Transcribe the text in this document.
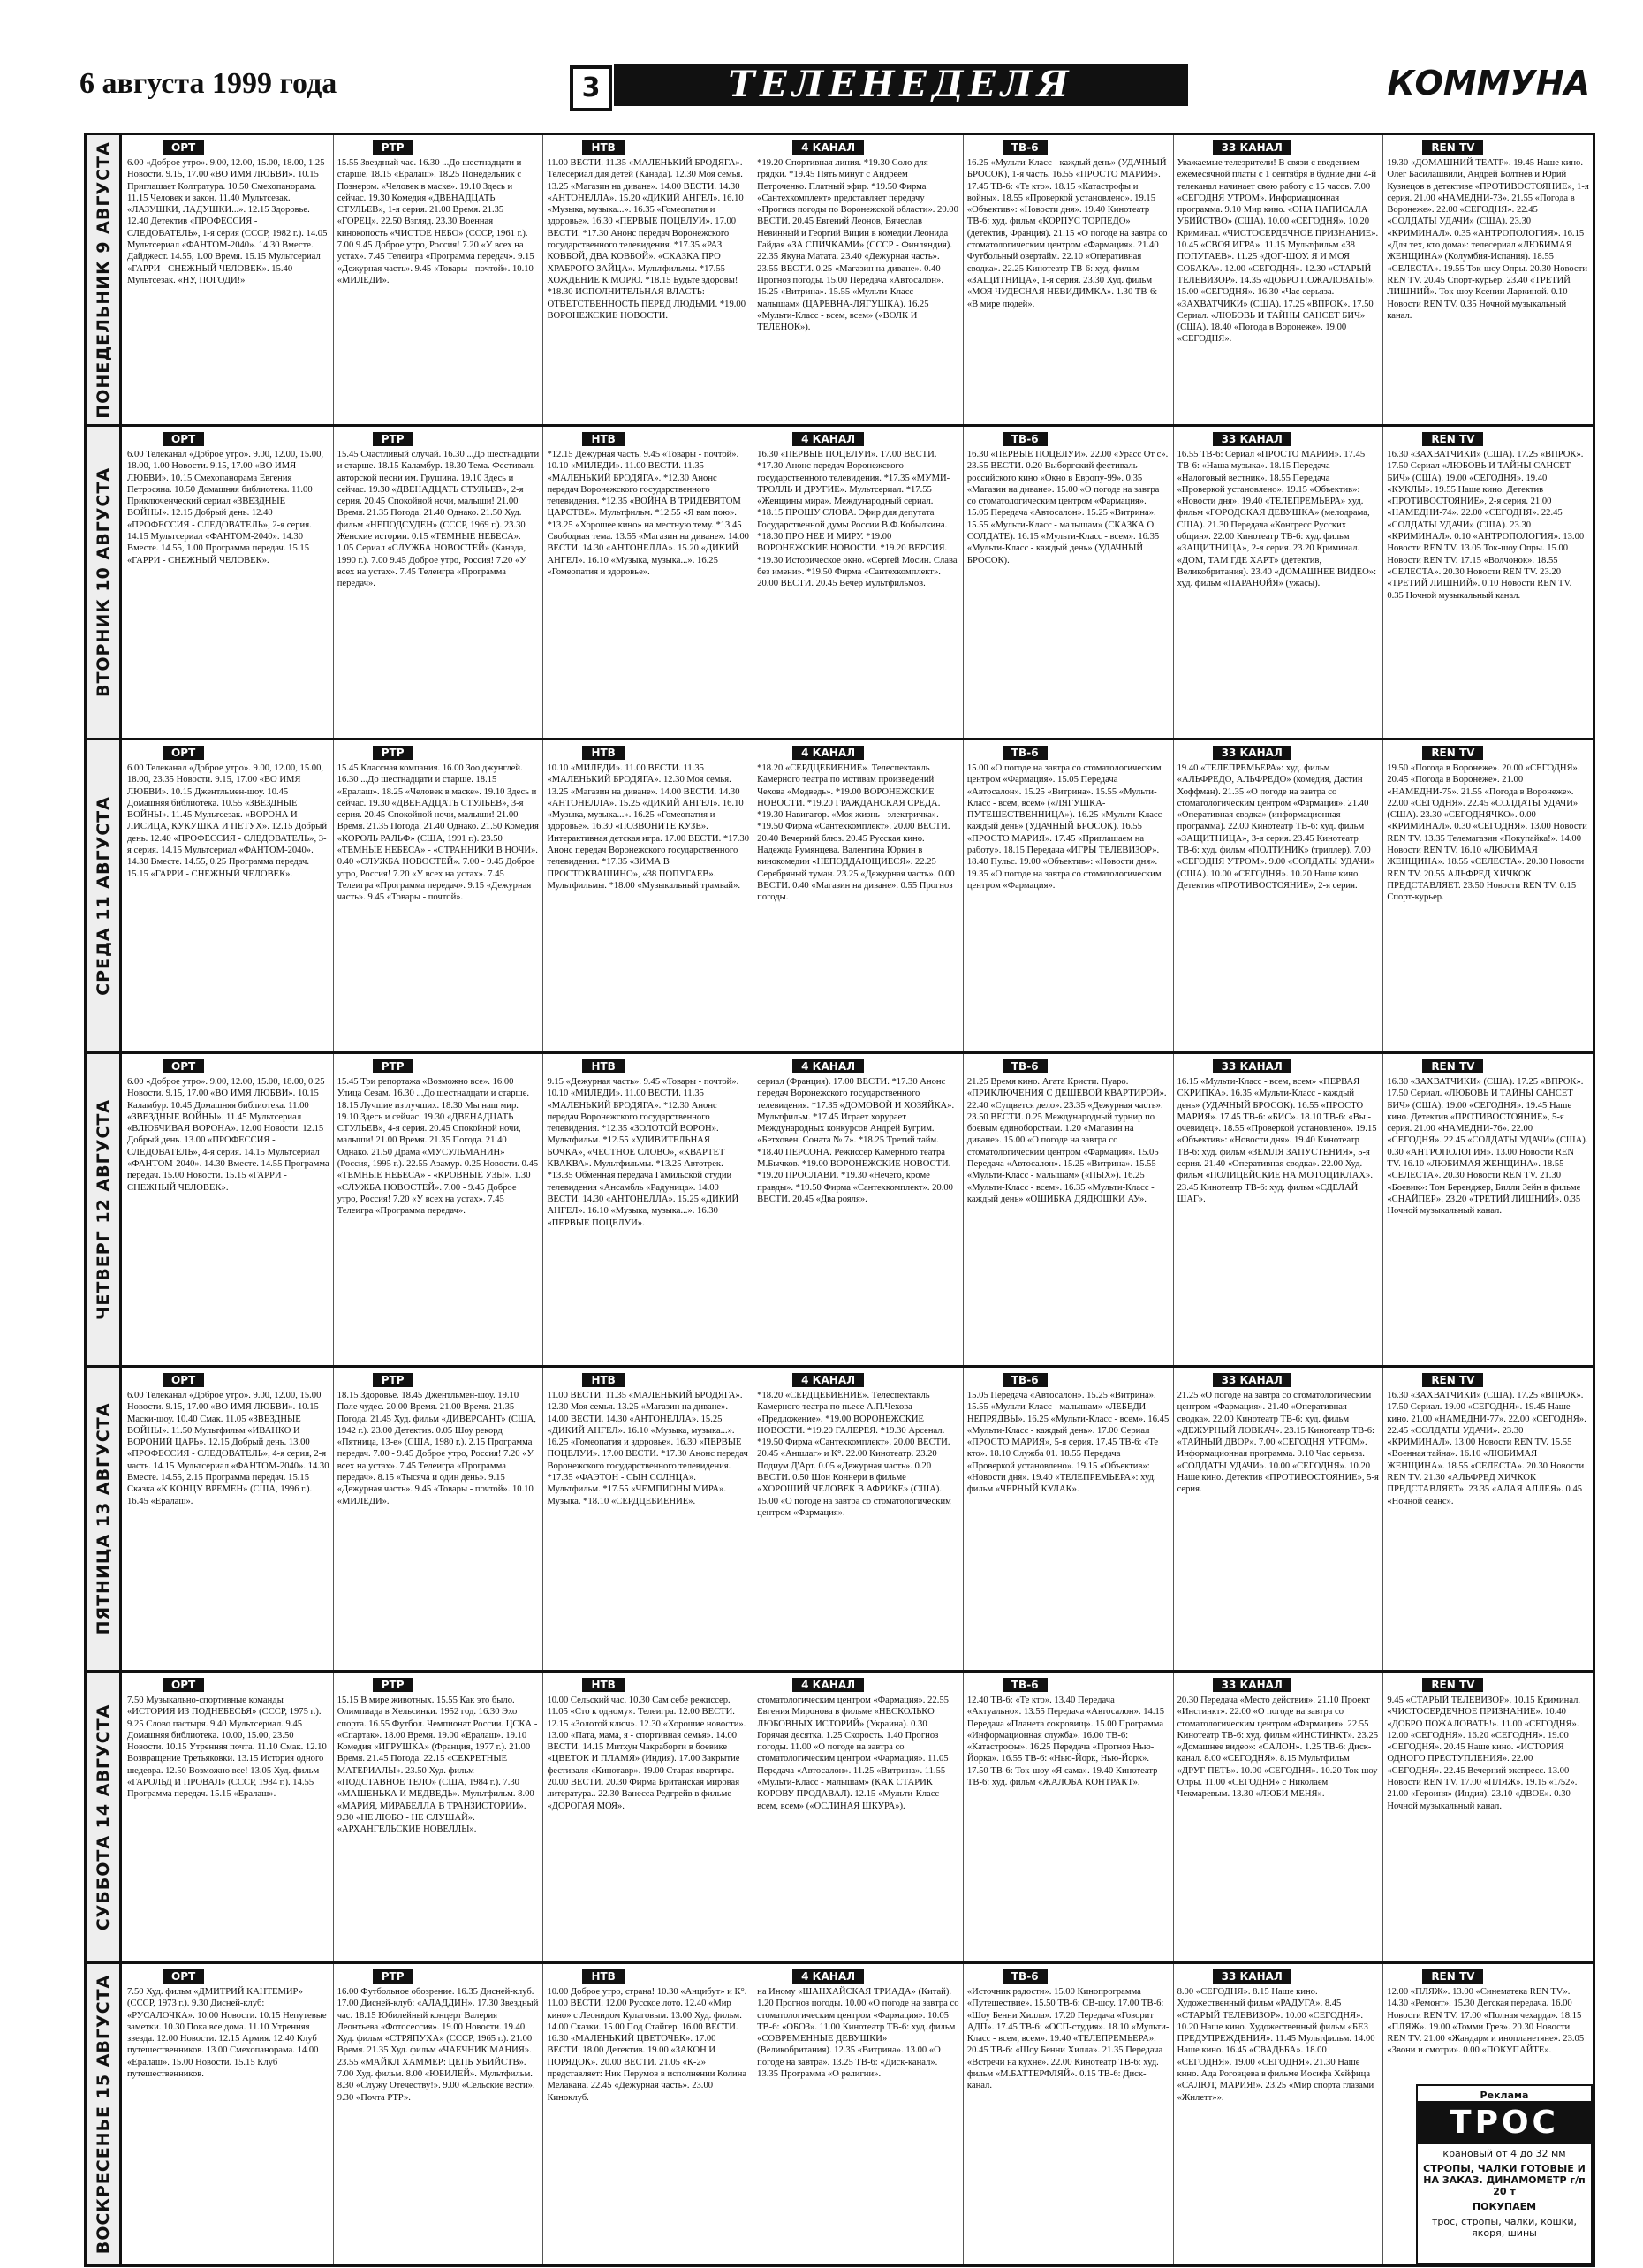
6 августа 1999 года	3	ТЕЛЕНЕДЕЛЯ	КОММУНА
ПОНЕДЕЛЬНИК 9 АВГУСТА	ОРТ
6.00 «Доброе утро». 9.00, 12.00, 15.00, 18.00, 1.25 Новости. 9.15, 17.00 «ВО ИМЯ ЛЮБВИ». 10.15 Приглашает Колтратура. 10.50 Смехопанорама. 11.15 Человек и закон. 11.40 Мультсезак. «ЛАЗУШКИ, ЛАДУШКИ...». 12.15 Здоровье. 12.40 Детектив «ПРОФЕССИЯ - СЛЕДОВАТЕЛЬ», 1-я серия (СССР, 1982 г.). 14.05 Мультсериал «ФАНТОМ-2040». 14.30 Вместе. Дайджест. 14.55, 1.00 Время. 15.15 Мультсериал «ГАРРИ - СНЕЖНЫЙ ЧЕЛОВЕК». 15.40 Мультсезак. «НУ, ПОГОДИ!»
РТР
15.55 Звездный час. 16.30 ...До шестнадцати и старше. 18.15 «Ералаш». 18.25 Понедельник с Познером. «Человек в маске». 19.10 Здесь и сейчас. 19.30 Комедия «ДВЕНАДЦАТЬ СТУЛЬЕВ», 1-я серия. 21.00 Время. 21.35 «ГОРЕЦ». 22.50 Взгляд. 23.30 Военная кинокопость «ЧИСТОЕ НЕБО» (СССР, 1961 г.). 7.00 9.45 Доброе утро, Россия! 7.20 «У всех на устах». 7.45 Телеигра «Программа передач». 9.15 «Дежурная часть». 9.45 «Товары - почтой». 10.10 «МИЛЕДИ».
НТВ
11.00 ВЕСТИ. 11.35 «МАЛЕНЬКИЙ БРОДЯГА». Телесериал для детей (Канада). 12.30 Моя семья. 13.25 «Магазин на диване». 14.00 ВЕСТИ. 14.30 «АНТОНЕЛЛА». 15.20 «ДИКИЙ АНГЕЛ». 16.10 «Музыка, музыка...». 16.35 «Гомеопатия и здоровье». 16.30 «ПЕРВЫЕ ПОЦЕЛУИ». 17.00 ВЕСТИ. *17.30 Анонс передач Воронежского государственного телевидения. *17.35 «РАЗ КОВБОЙ, ДВА КОВБОЙ». «СКАЗКА ПРО ХРАБРОГО ЗАЙЦА». Мультфильмы. *17.55 ХОЖДЕНИЕ К МОРЮ. *18.15 Будьте здоровы! *18.30 ИСПОЛНИТЕЛЬНАЯ ВЛАСТЬ: ОТВЕТСТВЕННОСТЬ ПЕРЕД ЛЮДЬМИ. *19.00 ВОРОНЕЖСКИЕ НОВОСТИ.
4 КАНАЛ
*19.20 Спортивная линия. *19.30 Соло для грядки. *19.45 Пять минут с Андреем Петроченко. Платный эфир. *19.50 Фирма «Сантехкомплект» представляет передачу «Прогноз погоды по Воронежской области». 20.00 ВЕСТИ. 20.45 Евгений Леонов, Вячеслав Невинный и Георгий Вицин в комедии Леонида Гайдая «ЗА СПИЧКАМИ» (СССР - Финляндия). 22.35 Якуна Матата. 23.40 «Дежурная часть». 23.55 ВЕСТИ. 0.25 «Магазин на диване». 0.40 Прогноз погоды. 15.00 Передача «Автосалон». 15.25 «Витрина». 15.55 «Мульти-Класс - малышам» (ЦАРЕВНА-ЛЯГУШКА). 16.25 «Мульти-Класс - всем, всем» («ВОЛК И ТЕЛЕНОК»).
ТВ-6
16.25 «Мульти-Класс - каждый день» (УДАЧНЫЙ БРОСОК), 1-я часть. 16.55 «ПРОСТО МАРИЯ». 17.45 ТВ-6: «Те кто». 18.15 «Катастрофы и войны». 18.55 «Проверкой установлено». 19.15 «Объектив»: «Новости дня». 19.40 Кинотеатр ТВ-6: худ. фильм «КОРПУС ТОРПЕДО» (детектив, Франция). 21.15 «О погоде на завтра со стоматологическим центром «Фармация». 21.40 Футбольный овертайм. 22.10 «Оперативная сводка». 22.25 Кинотеатр ТВ-6: худ. фильм «ЗАЩИТНИЦА», 1-я серия. 23.30 Худ. фильм «МОЯ ЧУДЕСНАЯ НЕВИДИМКА». 1.30 ТВ-6: «В мире людей».
33 КАНАЛ
Уважаемые телезрители! В связи с введением ежемесячной платы с 1 сентября в будние дни 4-й телеканал начинает свою работу с 15 часов. 7.00 «СЕГОДНЯ УТРОМ». Информационная программа. 9.10 Мир кино. «ОНА НАПИСАЛА УБИЙСТВО» (США). 10.00 «СЕГОДНЯ». 10.20 Криминал. «ЧИСТОСЕРДЕЧНОЕ ПРИЗНАНИЕ». 10.45 «СВОЯ ИГРА». 11.15 Мультфильм «38 ПОПУГАЕВ». 11.25 «ДОГ-ШОУ. Я И МОЯ СОБАКА». 12.00 «СЕГОДНЯ». 12.30 «СТАРЫЙ ТЕЛЕВИЗОР». 14.35 «ДОБРО ПОЖАЛОВАТЬ!». 15.00 «СЕГОДНЯ». 16.30 «Час серьяза. «ЗАХВАТЧИКИ» (США). 17.25 «ВПРОК». 17.50 Сериал. «ЛЮБОВЬ И ТАЙНЫ САНСЕТ БИЧ» (США). 18.40 «Погода в Воронеже». 19.00 «СЕГОДНЯ».
REN TV
19.30 «ДОМАШНИЙ ТЕАТР». 19.45 Наше кино. Олег Басилашвили, Андрей Болтнев и Юрий Кузнецов в детективе «ПРОТИВОСТОЯНИЕ», 1-я серия. 21.00 «НАМЕДНИ-73». 21.55 «Погода в Воронеже». 22.00 «СЕГОДНЯ». 22.45 «СОЛДАТЫ УДАЧИ» (США). 23.30 «КРИМИНАЛ». 0.35 «АНТРОПОЛОГИЯ». 16.15 «Для тех, кто дома»: телесериал «ЛЮБИМАЯ ЖЕНЩИНА» (Колумбия-Испания). 18.55 «СЕЛЕСТА». 19.55 Ток-шоу Опры. 20.30 Новости REN TV. 20.45 Спорт-курьер. 23.40 «ТРЕТИЙ ЛИШНИЙ». Ток-шоу Ксении Ларкиной. 0.10 Новости REN TV. 0.35 Ночной музыкальный канал.
ВТОРНИК 10 АВГУСТА
ОРТ
6.00 Телеканал «Доброе утро». 9.00, 12.00, 15.00, 18.00, 1.00 Новости. 9.15, 17.00 «ВО ИМЯ ЛЮБВИ». 10.15 Смехопанорама Евгения Петросяна. 10.50 Домашняя библиотека. 11.00 Приключенческий сериал «ЗВЕЗДНЫЕ ВОЙНЫ». 12.15 Добрый день. 12.40 «ПРОФЕССИЯ - СЛЕДОВАТЕЛЬ», 2-я серия. 14.15 Мультсериал «ФАНТОМ-2040». 14.30 Вместе. 14.55, 1.00 Программа передач. 15.15 «ГАРРИ - СНЕЖНЫЙ ЧЕЛОВЕК».
РТР
15.45 Счастливый случай. 16.30 ...До шестнадцати и старше. 18.15 Каламбур. 18.30 Тема. Фестиваль авторской песни им. Грушина. 19.10 Здесь и сейчас. 19.30 «ДВЕНАДЦАТЬ СТУЛЬЕВ», 2-я серия. 20.45 Спокойной ночи, малыши! 21.00 Время. 21.35 Погода. 21.40 Однако. 21.50 Худ. фильм «НЕПОДСУДЕН» (СССР, 1969 г.). 23.30 Женские истории. 0.15 «ТЕМНЫЕ НЕБЕСА». 1.05 Сериал «СЛУЖБА НОВОСТЕЙ» (Канада, 1990 г.). 7.00 9.45 Доброе утро, Россия! 7.20 «У всех на устах». 7.45 Телеигра «Программа передач».
НТВ
*12.15 Дежурная часть. 9.45 «Товары - почтой». 10.10 «МИЛЕДИ». 11.00 ВЕСТИ. 11.35 «МАЛЕНЬКИЙ БРОДЯГА». *12.30 Анонс передач Воронежского государственного телевидения. *12.35 «ВОЙНА В ТРИДЕВЯТОМ ЦАРСТВЕ». Мультфильм. *12.55 «Я вам пою». *13.25 «Хорошее кино» на местную тему. *13.45 Свободная тема. 13.55 «Магазин на диване». 14.00 ВЕСТИ. 14.30 «АНТОНЕЛЛА». 15.20 «ДИКИЙ АНГЕЛ». 16.10 «Музыка, музыка...». 16.25 «Гомеопатия и здоровье».
4 КАНАЛ
16.30 «ПЕРВЫЕ ПОЦЕЛУИ». 17.00 ВЕСТИ. *17.30 Анонс передач Воронежского государственного телевидения. *17.35 «МУМИ-ТРОЛЛЬ И ДРУГИЕ». Мультсериал. *17.55 «Женщины мира». Международный сериал. *18.15 ПРОШУ СЛОВА. Эфир для депутата Государственной думы России В.Ф.Кобылкина. *18.30 ПРО НЕЕ И МИРУ. *19.00 ВОРОНЕЖСКИЕ НОВОСТИ. *19.20 ВЕРСИЯ. *19.30 Историческое окно. «Сергей Мосин. Слава без имени». *19.50 Фирма «Сантехкомплект». 20.00 ВЕСТИ. 20.45 Вечер мультфильмов.
ТВ-6
16.30 «ПЕРВЫЕ ПОЦЕЛУИ». 22.00 «Урасс От с». 23.55 ВЕСТИ. 0.20 Выборгский фестиваль российского кино «Окно в Европу-99». 0.35 «Магазин на диване». 15.00 «О погоде на завтра со стоматологическим центром «Фармация». 15.05 Передача «Автосалон». 15.25 «Витрина». 15.55 «Мульти-Класс - малышам» (СКАЗКА О СОЛДАТЕ). 16.15 «Мульти-Класс - всем». 16.35 «Мульти-Класс - каждый день» (УДАЧНЫЙ БРОСОК).
33 КАНАЛ
16.55 ТВ-6: Сериал «ПРОСТО МАРИЯ». 17.45 ТВ-6: «Наша музыка». 18.15 Передача «Налоговый вестник». 18.55 Передача «Проверкой установлено». 19.15 «Объектив»: «Новости дня». 19.40 «ТЕЛЕПРЕМЬЕРА» худ. фильм «ГОРОДСКАЯ ДЕВУШКА» (мелодрама, США). 21.30 Передача «Конгресс Русских общин». 22.00 Кинотеатр ТВ-6: худ. фильм «ЗАЩИТНИЦА», 2-я серия. 23.20 Криминал. «ДОМ, ТАМ ГДЕ ХАРТ» (детектив, Великобритания). 23.40 «ДОМАШНЕЕ ВИДЕО»: худ. фильм «ПАРАНОЙЯ» (ужасы).
REN TV
16.30 «ЗАХВАТЧИКИ» (США). 17.25 «ВПРОК». 17.50 Сериал «ЛЮБОВЬ И ТАЙНЫ САНСЕТ БИЧ» (США). 19.00 «СЕГОДНЯ». 19.40 «КУКЛЫ». 19.55 Наше кино. Детектив «ПРОТИВОСТОЯНИЕ», 2-я серия. 21.00 «НАМЕДНИ-74». 22.00 «СЕГОДНЯ». 22.45 «СОЛДАТЫ УДАЧИ» (США). 23.30 «КРИМИНАЛ». 0.10 «АНТРОПОЛОГИЯ». 13.00 Новости REN TV. 13.05 Ток-шоу Опры. 15.00 Новости REN TV. 17.15 «Волчонок». 18.55 «СЕЛЕСТА». 20.30 Новости REN TV. 23.20 «ТРЕТИЙ ЛИШНИЙ». 0.10 Новости REN TV. 0.35 Ночной музыкальный канал.
СРЕДА 11 АВГУСТА
ОРТ
6.00 Телеканал «Доброе утро». 9.00, 12.00, 15.00, 18.00, 23.35 Новости. 9.15, 17.00 «ВО ИМЯ ЛЮБВИ». 10.15 Джентльмен-шоу. 10.45 Домашняя библиотека. 10.55 «ЗВЕЗДНЫЕ ВОЙНЫ». 11.45 Мультсезак. «ВОРОНА И ЛИСИЦА, КУКУШКА И ПЕТУХ». 12.15 Добрый день. 12.40 «ПРОФЕССИЯ - СЛЕДОВАТЕЛЬ», 3-я серия. 14.15 Мультсериал «ФАНТОМ-2040». 14.30 Вместе. 14.55, 0.25 Программа передач. 15.15 «ГАРРИ - СНЕЖНЫЙ ЧЕЛОВЕК».
РТР
15.45 Классная компания. 16.00 Зоо джунглей. 16.30 ...До шестнадцати и старше. 18.15 «Ералаш». 18.25 «Человек в маске». 19.10 Здесь и сейчас. 19.30 «ДВЕНАДЦАТЬ СТУЛЬЕВ», 3-я серия. 20.45 Спокойной ночи, малыши! 21.00 Время. 21.35 Погода. 21.40 Однако. 21.50 Комедия «КОРОЛЬ РАЛЬФ» (США, 1991 г.). 23.50 «ТЕМНЫЕ НЕБЕСА» - «СТРАННИКИ В НОЧИ». 0.40 «СЛУЖБА НОВОСТЕЙ». 7.00 - 9.45 Доброе утро, Россия! 7.20 «У всех на устах». 7.45 Телеигра «Программа передач». 9.15 «Дежурная часть». 9.45 «Товары - почтой».
НТВ
10.10 «МИЛЕДИ». 11.00 ВЕСТИ. 11.35 «МАЛЕНЬКИЙ БРОДЯГА». 12.30 Моя семья. 13.25 «Магазин на диване». 14.00 ВЕСТИ. 14.30 «АНТОНЕЛЛА». 15.25 «ДИКИЙ АНГЕЛ». 16.10 «Музыка, музыка...». 16.25 «Гомеопатия и здоровье». 16.30 «ПОЗВОНИТЕ КУЗЕ». Интерактивная детская игра. 17.00 ВЕСТИ. *17.30 Анонс передач Воронежского государственного телевидения. *17.35 «ЗИМА В ПРОСТОКВАШИНО», «38 ПОПУГАЕВ». Мультфильмы. *18.00 «Музыкальный трамвай».
4 КАНАЛ
*18.20 «СЕРДЦЕБИЕНИЕ». Телеспектакль Камерного театра по мотивам произведений Чехова «Медведь». *19.00 ВОРОНЕЖСКИЕ НОВОСТИ. *19.20 ГРАЖДАНСКАЯ СРЕДА. *19.30 Навигатор. «Моя жизнь - электричка». *19.50 Фирма «Сантехкомплект». 20.00 ВЕСТИ. 20.40 Вечерний блюз. 20.45 Русская кино. Надежда Румянцева. Валентина Юркин в кинокомедии «НЕПОДДАЮЩИЕСЯ». 22.25 Серебряный туман. 23.25 «Дежурная часть». 0.00 ВЕСТИ. 0.40 «Магазин на диване». 0.55 Прогноз погоды.
ТВ-6
15.00 «О погоде на завтра со стоматологическим центром «Фармация». 15.05 Передача «Автосалон». 15.25 «Витрина». 15.55 «Мульти-Класс - всем, всем» («ЛЯГУШКА-ПУТЕШЕСТВЕННИЦА»). 16.25 «Мульти-Класс - каждый день» (УДАЧНЫЙ БРОСОК). 16.55 «ПРОСТО МАРИЯ». 17.45 «Приглашаем на работу». 18.15 Передача «ИГРЫ ТЕЛЕВИЗОР». 18.40 Пульс. 19.00 «Объектив»: «Новости дня». 19.35 «О погоде на завтра со стоматологическим центром «Фармация».
33 КАНАЛ
19.40 «ТЕЛЕПРЕМЬЕРА»: худ. фильм «АЛЬФРЕДО, АЛЬФРЕДО» (комедия, Дастин Хоффман). 21.35 «О погоде на завтра со стоматологическим центром «Фармация». 21.40 «Оперативная сводка» (информационная программа). 22.00 Кинотеатр ТВ-6: худ. фильм «ЗАЩИТНИЦА», 3-я серия. 23.45 Кинотеатр ТВ-6: худ. фильм «ПОЛТИНИК» (триллер). 7.00 «СЕГОДНЯ УТРОМ». 9.00 «СОЛДАТЫ УДАЧИ» (США). 10.00 «СЕГОДНЯ». 10.20 Наше кино. Детектив «ПРОТИВОСТОЯНИЕ», 2-я серия.
REN TV
19.50 «Погода в Воронеже». 20.00 «СЕГОДНЯ». 20.45 «Погода в Воронеже». 21.00 «НАМЕДНИ-75». 21.55 «Погода в Воронеже». 22.00 «СЕГОДНЯ». 22.45 «СОЛДАТЫ УДАЧИ» (США). 23.30 «СЕГОДНЯЧКО». 0.00 «КРИМИНАЛ». 0.30 «СЕГОДНЯ». 13.00 Новости REN TV. 13.35 Телемагазин «Покупайка!». 14.00 Новости REN TV. 16.10 «ЛЮБИМАЯ ЖЕНЩИНА». 18.55 «СЕЛЕСТА». 20.30 Новости REN TV. 20.55 АЛЬФРЕД ХИЧКОК ПРЕДСТАВЛЯЕТ. 23.50 Новости REN TV. 0.15 Спорт-курьер.
ЧЕТВЕРГ 12 АВГУСТА
ОРТ
6.00 «Доброе утро». 9.00, 12.00, 15.00, 18.00, 0.25 Новости. 9.15, 17.00 «ВО ИМЯ ЛЮБВИ». 10.15 Каламбур. 10.45 Домашняя библиотека. 11.00 «ЗВЕЗДНЫЕ ВОЙНЫ». 11.45 Мультсериал «ВЛЮБЧИВАЯ ВОРОНА». 12.00 Новости. 12.15 Добрый день. 13.00 «ПРОФЕССИЯ - СЛЕДОВАТЕЛЬ», 4-я серия. 14.15 Мультсериал «ФАНТОМ-2040». 14.30 Вместе. 14.55 Программа передач. 15.00 Новости. 15.15 «ГАРРИ - СНЕЖНЫЙ ЧЕЛОВЕК».
РТР
15.45 Три репортажа «Возможно все». 16.00 Улица Сезам. 16.30 ...До шестнадцати и старше. 18.15 Лучшие из лучших. 18.30 Мы наш мир. 19.10 Здесь и сейчас. 19.30 «ДВЕНАДЦАТЬ СТУЛЬЕВ», 4-я серия. 20.45 Спокойной ночи, малыши! 21.00 Время. 21.35 Погода. 21.40 Однако. 21.50 Драма «МУСУЛЬМАНИН» (Россия, 1995 г.). 22.55 Азамур. 0.25 Новости. 0.45 «ТЕМНЫЕ НЕБЕСА» - «КРОВНЫЕ УЗЫ». 1.30 «СЛУЖБА НОВОСТЕЙ». 7.00 - 9.45 Доброе утро, Россия! 7.20 «У всех на устах». 7.45 Телеигра «Программа передач».
НТВ
9.15 «Дежурная часть». 9.45 «Товары - почтой». 10.10 «МИЛЕДИ». 11.00 ВЕСТИ. 11.35 «МАЛЕНЬКИЙ БРОДЯГА». *12.30 Анонс передач Воронежского государственного телевидения. *12.35 «ЗОЛОТОЙ ВОРОН». Мультфильм. *12.55 «УДИВИТЕЛЬНАЯ БОЧКА», «ЧЕСТНОЕ СЛОВО», «КВАРТЕТ КВАКВА». Мультфильмы. *13.25 Автотрек. *13.35 Обменная передача Гамильской студии телевидения «Ансамбль «Радуница». 14.00 ВЕСТИ. 14.30 «АНТОНЕЛЛА». 15.25 «ДИКИЙ АНГЕЛ». 16.10 «Музыка, музыка...». 16.30 «ПЕРВЫЕ ПОЦЕЛУИ».
4 КАНАЛ
сериал (Франция). 17.00 ВЕСТИ. *17.30 Анонс передач Воронежского государственного телевидения. *17.35 «ДОМОВОЙ И ХОЗЯЙКА». Мультфильм. *17.45 Играет хорурает Международных конкурсов Андрей Бугрим. «Бетховен. Соната № 7». *18.25 Третий тайм. *18.40 ПЕРСОНА. Режиссер Камерного театра М.Бычков. *19.00 ВОРОНЕЖСКИЕ НОВОСТИ. *19.20 ПРОСЛАВИ. *19.30 «Нечего, кроме правды». *19.50 Фирма «Сантехкомплект». 20.00 ВЕСТИ. 20.45 «Два рояля».
ТВ-6
21.25 Время кино. Агата Кристи. Пуаро. «ПРИКЛЮЧЕНИЯ С ДЕШЕВОЙ КВАРТИРОЙ». 22.40 «Сущвется дело». 23.35 «Дежурная часть». 23.50 ВЕСТИ. 0.25 Международный турнир по боевым единоборствам. 1.20 «Магазин на диване». 15.00 «О погоде на завтра со стоматологическим центром «Фармация». 15.05 Передача «Автосалон». 15.25 «Витрина». 15.55 «Мульти-Класс - малышам» («ПЫХ»). 16.25 «Мульти-Класс - всем». 16.35 «Мульти-Класс - каждый день» «ОШИБКА ДЯДЮШКИ АУ».
33 КАНАЛ
16.15 «Мульти-Класс - всем, всем» «ПЕРВАЯ СКРИПКА». 16.35 «Мульти-Класс - каждый день» (УДАЧНЫЙ БРОСОК). 16.55 «ПРОСТО МАРИЯ». 17.45 ТВ-6: «БИС». 18.10 ТВ-6: «Вы - очевидец». 18.55 «Проверкой установлено». 19.15 «Объектив»: «Новости дня». 19.40 Кинотеатр ТВ-6: худ. фильм «ЗЕМЛЯ ЗАПУСТЕНИЯ», 5-я серия. 21.40 «Оперативная сводка». 22.00 Худ. фильм «ПОЛИЦЕЙСКИЕ НА МОТОЦИКЛАХ». 23.45 Кинотеатр ТВ-6: худ. фильм «СДЕЛАЙ ШАГ».
REN TV
16.30 «ЗАХВАТЧИКИ» (США). 17.25 «ВПРОК». 17.50 Сериал. «ЛЮБОВЬ И ТАЙНЫ САНСЕТ БИЧ» (США). 19.00 «СЕГОДНЯ». 19.45 Наше кино. Детектив «ПРОТИВОСТОЯНИЕ», 5-я серия. 21.00 «НАМЕДНИ-76». 22.00 «СЕГОДНЯ». 22.45 «СОЛДАТЫ УДАЧИ» (США). 0.30 «АНТРОПОЛОГИЯ». 13.00 Новости REN TV. 16.10 «ЛЮБИМАЯ ЖЕНЩИНА». 18.55 «СЕЛЕСТА». 20.30 Новости REN TV. 21.30 «Боевик»: Том Беренджер, Билли Зейн в фильме «СНАЙПЕР». 23.20 «ТРЕТИЙ ЛИШНИЙ». 0.35 Ночной музыкальный канал.
ПЯТНИЦА 13 АВГУСТА
ОРТ
6.00 Телеканал «Доброе утро». 9.00, 12.00, 15.00 Новости. 9.15, 17.00 «ВО ИМЯ ЛЮБВИ». 10.15 Маски-шоу. 10.40 Смак. 11.05 «ЗВЕЗДНЫЕ ВОЙНЫ». 11.50 Мультфильм «ИВАНКО И ВОРОНИЙ ЦАРЬ». 12.15 Добрый день. 13.00 «ПРОФЕССИЯ - СЛЕДОВАТЕЛЬ», 4-я серия, 2-я часть. 14.15 Мультсериал «ФАНТОМ-2040». 14.30 Вместе. 14.55, 2.15 Программа передач. 15.15 Сказка «К КОНЦУ ВРЕМЕН» (США, 1996 г.). 16.45 «Ералаш».
РТР
18.15 Здоровье. 18.45 Джентльмен-шоу. 19.10 Поле чудес. 20.00 Время. 21.00 Время. 21.35 Погода. 21.45 Худ. фильм «ДИВЕРСАНТ» (США, 1942 г.). 23.00 Детектив. 0.05 Шоу рекорд «Пятница, 13-е» (США, 1980 г.). 2.15 Программа передач. 7.00 - 9.45 Доброе утро, Россия! 7.20 «У всех на устах». 7.45 Телеигра «Программа передач». 8.15 «Тысяча и один день». 9.15 «Дежурная часть». 9.45 «Товары - почтой». 10.10 «МИЛЕДИ».
НТВ
11.00 ВЕСТИ. 11.35 «МАЛЕНЬКИЙ БРОДЯГА». 12.30 Моя семья. 13.25 «Магазин на диване». 14.00 ВЕСТИ. 14.30 «АНТОНЕЛЛА». 15.25 «ДИКИЙ АНГЕЛ». 16.10 «Музыка, музыка...». 16.25 «Гомеопатия и здоровье». 16.30 «ПЕРВЫЕ ПОЦЕЛУИ». 17.00 ВЕСТИ. *17.30 Анонс передач Воронежского государственного телевидения. *17.35 «ФАЭТОН - СЫН СОЛНЦА». Мультфильм. *17.55 «ЧЕМПИОНЫ МИРА». Музыка. *18.10 «СЕРДЦЕБИЕНИЕ».
4 КАНАЛ
*18.20 «СЕРДЦЕБИЕНИЕ». Телеспектакль Камерного театра по пьесе А.П.Чехова «Предложение». *19.00 ВОРОНЕЖСКИЕ НОВОСТИ. *19.20 ГАЛЕРЕЯ. *19.30 Арсенал. *19.50 Фирма «Сантехкомплект». 20.00 ВЕСТИ. 20.45 «Аншлаг» и К°. 22.00 Кинотеатр. 23.20 Подиум Д'Арт. 0.05 «Дежурная часть». 0.20 ВЕСТИ. 0.50 Шон Коннери в фильме «ХОРОШИЙ ЧЕЛОВЕК В АФРИКЕ» (США). 15.00 «О погоде на завтра со стоматологическим центром «Фармация».
ТВ-6
15.05 Передача «Автосалон». 15.25 «Витрина». 15.55 «Мульти-Класс - малышам» «ЛЕБЕДИ НЕПРЯДВЫ». 16.25 «Мульти-Класс - всем». 16.45 «Мульти-Класс - каждый день». 17.00 Сериал «ПРОСТО МАРИЯ», 5-я серия. 17.45 ТВ-6: «Те кто». 18.10 Служба 01. 18.55 Передача «Проверкой установлено». 19.15 «Объектив»: «Новости дня». 19.40 «ТЕЛЕПРЕМЬЕРА»: худ. фильм «ЧЕРНЫЙ КУЛАК».
33 КАНАЛ
21.25 «О погоде на завтра со стоматологическим центром «Фармация». 21.40 «Оперативная сводка». 22.00 Кинотеатр ТВ-6: худ. фильм «ДЕЖУРНЫЙ ЛОВКАЧ». 23.15 Кинотеатр ТВ-6: «ТАЙНЫЙ ДВОР». 7.00 «СЕГОДНЯ УТРОМ». Информационная программа. 9.10 Час серьяза. «СОЛДАТЫ УДАЧИ». 10.00 «СЕГОДНЯ». 10.20 Наше кино. Детектив «ПРОТИВОСТОЯНИЕ», 5-я серия.
REN TV
16.30 «ЗАХВАТЧИКИ» (США). 17.25 «ВПРОК». 17.50 Сериал. 19.00 «СЕГОДНЯ». 19.45 Наше кино. 21.00 «НАМЕДНИ-77». 22.00 «СЕГОДНЯ». 22.45 «СОЛДАТЫ УДАЧИ». 23.30 «КРИМИНАЛ». 13.00 Новости REN TV. 15.55 «Военная тайна». 16.10 «ЛЮБИМАЯ ЖЕНЩИНА». 18.55 «СЕЛЕСТА». 20.30 Новости REN TV. 21.30 «АЛЬФРЕД ХИЧКОК ПРЕДСТАВЛЯЕТ». 23.35 «АЛАЯ АЛЛЕЯ». 0.45 «Ночной сеанс».
СУББОТА 14 АВГУСТА
ОРТ
7.50 Музыкально-спортивные команды «ИСТОРИЯ ИЗ ПОДНЕБЕСЬЯ» (СССР, 1975 г.). 9.25 Слово пастыря. 9.40 Мультсериал. 9.45 Домашняя библиотека. 10.00, 15.00, 23.50 Новости. 10.15 Утренняя почта. 11.10 Смак. 12.10 Возвращение Третьяковки. 13.15 История одного шедевра. 12.50 Возможно все! 13.05 Худ. фильм «ГАРОЛЬД И ПРОВАЛ» (СССР, 1984 г.). 14.55 Программа передач. 15.15 «Ералаш».
РТР
15.15 В мире животных. 15.55 Как это было. Олимпиада в Хельсинки. 1952 год. 16.30 Эхо спорта. 16.55 Футбол. Чемпионат России. ЦСКА - «Спартак». 18.00 Время. 19.00 «Ералаш». 19.10 Комедия «ИГРУШКА» (Франция, 1977 г.). 21.00 Время. 21.45 Погода. 22.15 «СЕКРЕТНЫЕ МАТЕРИАЛЫ». 23.50 Худ. фильм «ПОДСТАВНОЕ ТЕЛО» (США, 1984 г.). 7.30 «МАШЕНЬКА И МЕДВЕДЬ». Мультфильм. 8.00 «МАРИЯ, МИРАБЕЛЛА В ТРАНЗИСТОРИИ». 9.30 «НЕ ЛЮБО - НЕ СЛУШАЙ». «АРХАНГЕЛЬСКИЕ НОВЕЛЛЫ».
НТВ
10.00 Сельский час. 10.30 Сам себе режиссер. 11.05 «Сто к одному». Телеигра. 12.00 ВЕСТИ. 12.15 «Золотой ключ». 12.30 «Хорошие новости». 13.00 «Пата, мама, я - спортивная семья». 14.00 ВЕСТИ. 14.15 Митхун Чакраборти в боевике «ЦВЕТОК И ПЛАМЯ» (Индия). 17.00 Закрытие фестиваля «Кинотавр». 19.00 Старая квартира. 20.00 ВЕСТИ. 20.30 Фирма Британская мировая литература.. 22.30 Ванесса Редгрейв в фильме «ДОРОГАЯ МОЯ».
4 КАНАЛ
стоматологическим центром «Фармация». 22.55 Евгения Миронова в фильме «НЕСКОЛЬКО ЛЮБОВНЫХ ИСТОРИЙ» (Украина). 0.30 Горячая десятка. 1.25 Скорость. 1.40 Прогноз погоды. 11.00 «О погоде на завтра со стоматологическим центром «Фармация». 11.05 Передача «Автосалон». 11.25 «Витрина». 11.55 «Мульти-Класс - малышам» (КАК СТАРИК КОРОВУ ПРОДАВАЛ). 12.15 «Мульти-Класс - всем, всем» («ОСЛИНАЯ ШКУРА»).
ТВ-6
12.40 ТВ-6: «Те кто». 13.40 Передача «Актуально». 13.55 Передача «Автосалон». 14.15 Передача «Планета сокровищ». 15.00 Программа «Информационная служба». 16.00 ТВ-6: «Катастрофы». 16.25 Передача «Прогноз Нью-Йорка». 16.55 ТВ-6: «Нью-Йорк, Нью-Йорк». 17.50 ТВ-6: Ток-шоу «Я сама». 19.40 Кинотеатр ТВ-6: худ. фильм «ЖАЛОБА КОНТРАКТ».
33 КАНАЛ
20.30 Передача «Место действия». 21.10 Проект «Инстинкт». 22.00 «О погоде на завтра со стоматологическим центром «Фармация». 22.55 Кинотеатр ТВ-6: худ. фильм «ИНСТИНКТ». 23.25 «Домашнее видео»: «САЛОН». 1.25 ТВ-6: Диск-канал. 8.00 «СЕГОДНЯ». 8.15 Мультфильм «ДРУГ ПЕТЬ». 10.00 «СЕГОДНЯ». 10.20 Ток-шоу Опры. 11.00 «СЕГОДНЯ» с Николаем Чекмаревым. 13.30 «ЛЮБИ МЕНЯ».
REN TV
9.45 «СТАРЫЙ ТЕЛЕВИЗОР». 10.15 Криминал. «ЧИСТОСЕРДЕЧНОЕ ПРИЗНАНИЕ». 10.40 «ДОБРО ПОЖАЛОВАТЬ!». 11.00 «СЕГОДНЯ». 12.00 «СЕГОДНЯ». 16.20 «СЕГОДНЯ». 19.00 «СЕГОДНЯ». 20.45 Наше кино. «ИСТОРИЯ ОДНОГО ПРЕСТУПЛЕНИЯ». 22.00 «СЕГОДНЯ». 22.45 Вечерний экспресс. 13.00 Новости REN TV. 17.00 «ПЛЯЖ». 19.15 «1/52». 21.00 «Героиня» (Индия). 23.10 «ДВОЕ». 0.30 Ночной музыкальный канал.
ВОСКРЕСЕНЬЕ 15 АВГУСТА	ОРТ
7.50 Худ. фильм «ДМИТРИЙ КАНТЕМИР» (СССР, 1973 г.). 9.30 Дисней-клуб: «РУСАЛОЧКА». 10.00 Новости. 10.15 Непутевые заметки. 10.30 Пока все дома. 11.10 Утренняя звезда. 12.00 Новости. 12.15 Армия. 12.40 Клуб путешественников. 13.00 Смехопанорама. 14.00 «Ералаш». 15.00 Новости. 15.15 Клуб путешественников.
РТР
16.00 Футбольное обозрение. 16.35 Дисней-клуб. 17.00 Дисней-клуб: «АЛАДДИН». 17.30 Звездный час. 18.15 Юбилейный концерт Валерия Леонтьева «Фотосессия». 19.00 Новости. 19.40 Худ. фильм «СТРЯПУХА» (СССР, 1965 г.). 21.00 Время. 21.35 Худ. фильм «ЧАЕЧНИК МАНИЯ». 23.55 «МАЙКЛ ХАММЕР: ЦЕПЬ УБИЙСТВ». 7.00 Худ. фильм. 8.00 «ЮБИЛЕЙ». Мультфильм. 8.30 «Служу Отечеству!». 9.00 «Сельские вести». 9.30 «Почта РТР».
НТВ
10.00 Доброе утро, страна! 10.30 «Анцибут» и К°. 11.00 ВЕСТИ. 12.00 Русское лото. 12.40 «Мир кино» с Леонидом Кулаговым. 13.00 Худ. фильм. 14.00 Сказки. 15.00 Под Стайгер. 16.00 ВЕСТИ. 16.30 «МАЛЕНЬКИЙ ЦВЕТОЧЕК». 17.00 ВЕСТИ. 18.00 Детектив. 19.00 «ЗАКОН И ПОРЯДОК». 20.00 ВЕСТИ. 21.05 «К-2» представляет: Ник Перумов в исполнении Колина Мелакана. 22.45 «Дежурная часть». 23.00 Киноклуб.
4 КАНАЛ
на Иному «ШАНХАЙСКАЯ ТРИАДА» (Китай). 1.20 Прогноз погоды. 10.00 «О погоде на завтра со стоматологическим центром «Фармация». 10.05 ТВ-6: «ОБОЗ». 11.00 Кинотеатр ТВ-6: худ. фильм «СОВРЕМЕННЫЕ ДЕВУШКИ» (Великобритания). 12.35 «Витрина». 13.00 «О погоде на завтра». 13.25 ТВ-6: «Диск-канал». 13.35 Программа «О религии».
ТВ-6
«Источник радости». 15.00 Кинопрограмма «Путешествие». 15.50 ТВ-6: СВ-шоу. 17.00 ТВ-6: «Шоу Бенни Хилла». 17.20 Передача «Говорит АДП». 17.45 ТВ-6: «ОСП-студия». 18.10 «Мульти-Класс - всем, всем». 19.40 «ТЕЛЕПРЕМЬЕРА». 20.45 ТВ-6: «Шоу Бенни Хилла». 21.35 Передача «Встречи на кухне». 22.00 Кинотеатр ТВ-6: худ. фильм «М.БАТТЕРФЛЯЙ». 0.15 ТВ-6: Диск-канал.
33 КАНАЛ
8.00 «СЕГОДНЯ». 8.15 Наше кино. Художественный фильм «РАДУГА». 8.45 «СТАРЫЙ ТЕЛЕВИЗОР». 10.00 «СЕГОДНЯ». 10.20 Наше кино. Художественный фильм «БЕЗ ПРЕДУПРЕЖДЕНИЯ». 11.45 Мультфильм. 14.00 Наше кино. 16.45 «СВАДЬБА». 18.00 «СЕГОДНЯ». 19.00 «СЕГОДНЯ». 21.30 Наше кино. Ада Роговцева в фильме Иосифа Хейфица «САЛЮТ, МАРИЯ!». 23.25 «Мир спорта глазами «Жилетт»».
REN TV
12.00 «ПЛЯЖ». 13.00 «Синематека REN TV». 14.30 «Ремонт». 15.30 Детская передача. 16.00 Новости REN TV. 17.00 «Полная чехарда». 18.15 «ПЛЯЖ». 19.00 «Томми Грез». 20.30 Новости REN TV. 21.00 «Жандарм и инопланетяне». 23.05 «Звони и смотри». 0.00 «ПОКУПАЙТЕ».
Реклама
ТРОС
крановый от 4 до 32 мм
СТРОПЫ, ЧАЛКИ ГОТОВЫЕ И НА ЗАКАЗ. ДИНАМОМЕТР г/п 20 т
ПОКУПАЕМ
трос, стропы, чалки, кошки, якоря, шины
